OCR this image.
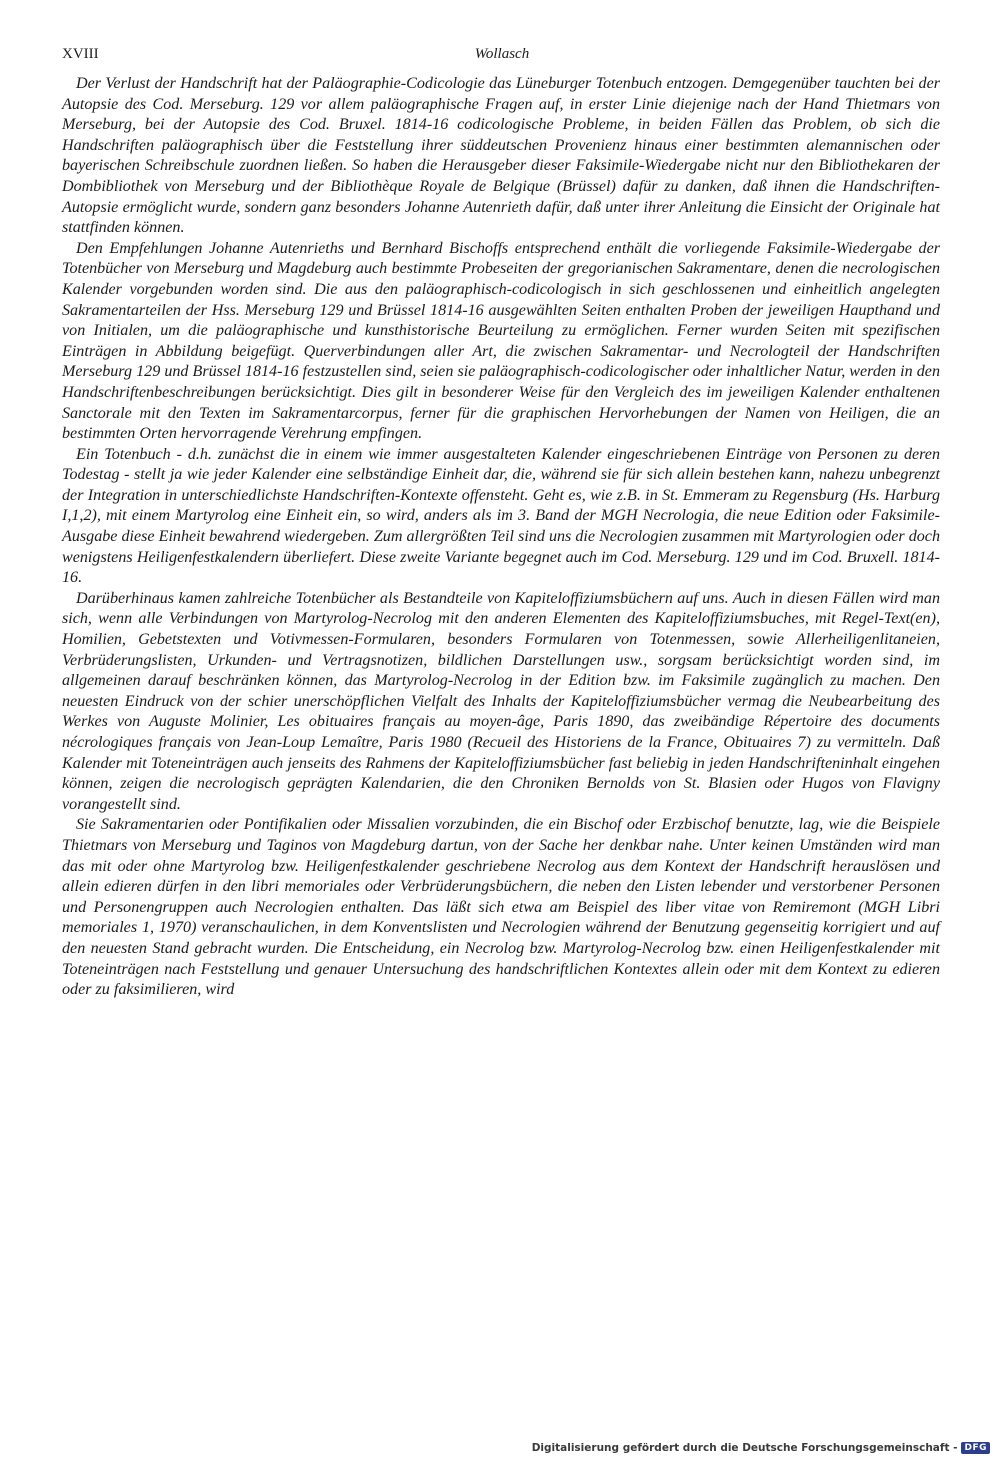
XVIII	Wollasch

Der Verlust der Handschrift hat der Paläographie-Codicologie das Lüneburger Totenbuch entzogen. Demgegenüber tauchten bei der Autopsie des Cod. Merseburg. 129 vor allem paläographische Fragen auf, in erster Linie diejenige nach der Hand Thietmars von Merseburg, bei der Autopsie des Cod. Bruxel. 1814-16 codicologische Probleme, in beiden Fällen das Problem, ob sich die Handschriften paläographisch über die Feststellung ihrer süddeutschen Provenienz hinaus einer bestimmten alemannischen oder bayerischen Schreibschule zuordnen ließen. So haben die Herausgeber dieser Faksimile-Wiedergabe nicht nur den Bibliothekaren der Dombibliothek von Merseburg und der Bibliothèque Royale de Belgique (Brüssel) dafür zu danken, daß ihnen die Handschriften-Autopsie ermöglicht wurde, sondern ganz besonders Johanne Autenrieth dafür, daß unter ihrer Anleitung die Einsicht der Originale hat stattfinden können.

Den Empfehlungen Johanne Autenrieths und Bernhard Bischoffs entsprechend enthält die vorliegende Faksimile-Wiedergabe der Totenbücher von Merseburg und Magdeburg auch bestimmte Probeseiten der gregorianischen Sakramentare, denen die necrologischen Kalender vorgebunden worden sind. Die aus den paläographisch-codicologisch in sich geschlossenen und einheitlich angelegten Sakramentarteilen der Hss. Merseburg 129 und Brüssel 1814-16 ausgewählten Seiten enthalten Proben der jeweiligen Haupthand und von Initialen, um die paläographische und kunsthistorische Beurteilung zu ermöglichen. Ferner wurden Seiten mit spezifischen Einträgen in Abbildung beigefügt. Querverbindungen aller Art, die zwischen Sakramentar- und Necrologteil der Handschriften Merseburg 129 und Brüssel 1814-16 festzustellen sind, seien sie paläographisch-codicologischer oder inhaltlicher Natur, werden in den Handschriftenbeschreibungen berücksichtigt. Dies gilt in besonderer Weise für den Vergleich des im jeweiligen Kalender enthaltenen Sanctorale mit den Texten im Sakramentarcorpus, ferner für die graphischen Hervorhebungen der Namen von Heiligen, die an bestimmten Orten hervorragende Verehrung empfingen.

Ein Totenbuch - d.h. zunächst die in einem wie immer ausgestalteten Kalender eingeschriebenen Einträge von Personen zu deren Todestag - stellt ja wie jeder Kalender eine selbständige Einheit dar, die, während sie für sich allein bestehen kann, nahezu unbegrenzt der Integration in unterschiedlichste Handschriften-Kontexte offensteht. Geht es, wie z.B. in St. Emmeram zu Regensburg (Hs. Harburg I,1,2), mit einem Martyrolog eine Einheit ein, so wird, anders als im 3. Band der MGH Necrologia, die neue Edition oder Faksimile-Ausgabe diese Einheit bewahrend wiedergeben. Zum allergrößten Teil sind uns die Necrologien zusammen mit Martyrologien oder doch wenigstens Heiligenfestkalendern überliefert. Diese zweite Variante begegnet auch im Cod. Merseburg. 129 und im Cod. Bruxell. 1814-16.

Darüberhinaus kamen zahlreiche Totenbücher als Bestandteile von Kapiteloffiziumsbüchern auf uns. Auch in diesen Fällen wird man sich, wenn alle Verbindungen von Martyrolog-Necrolog mit den anderen Elementen des Kapiteloffiziumsbuches, mit Regel-Text(en), Homilien, Gebetstexten und Votivmessen-Formularen, besonders Formularen von Totenmessen, sowie Allerheiligenlitaneien, Verbrüderungslisten, Urkunden- und Vertragsnotizen, bildlichen Darstellungen usw., sorgsam berücksichtigt worden sind, im allgemeinen darauf beschränken können, das Martyrolog-Necrolog in der Edition bzw. im Faksimile zugänglich zu machen. Den neuesten Eindruck von der schier unerschöpflichen Vielfalt des Inhalts der Kapiteloffiziumsbücher vermag die Neubearbeitung des Werkes von Auguste Molinier, Les obituaires français au moyen-âge, Paris 1890, das zweibändige Répertoire des documents nécrologiques français von Jean-Loup Lemaître, Paris 1980 (Recueil des Historiens de la France, Obituaires 7) zu vermitteln. Daß Kalender mit Toteneinträgen auch jenseits des Rahmens der Kapiteloffiziumsbücher fast beliebig in jeden Handschrifteninhalt eingehen können, zeigen die necrologisch geprägten Kalendarien, die den Chroniken Bernolds von St. Blasien oder Hugos von Flavigny vorangestellt sind.

Sie Sakramentarien oder Pontifikalien oder Missalien vorzubinden, die ein Bischof oder Erzbischof benutzte, lag, wie die Beispiele Thietmars von Merseburg und Taginos von Magdeburg dartun, von der Sache her denkbar nahe. Unter keinen Umständen wird man das mit oder ohne Martyrolog bzw. Heiligenfestkalender geschriebene Necrolog aus dem Kontext der Handschrift herauslösen und allein edieren dürfen in den libri memoriales oder Verbrüderungsbüchern, die neben den Listen lebender und verstorbener Personen und Personengruppen auch Necrologien enthalten. Das läßt sich etwa am Beispiel des liber vitae von Remiremont (MGH Libri memoriales 1, 1970) veranschaulichen, in dem Konventslisten und Necrologien während der Benutzung gegenseitig korrigiert und auf den neuesten Stand gebracht wurden. Die Entscheidung, ein Necrolog bzw. Martyrolog-Necrolog bzw. einen Heiligenfestkalender mit Toteneinträgen nach Feststellung und genauer Untersuchung des handschriftlichen Kontextes allein oder mit dem Kontext zu edieren oder zu faksimilieren, wird

Digitalisierung gefördert durch die Deutsche Forschungsgemeinschaft - DFG
